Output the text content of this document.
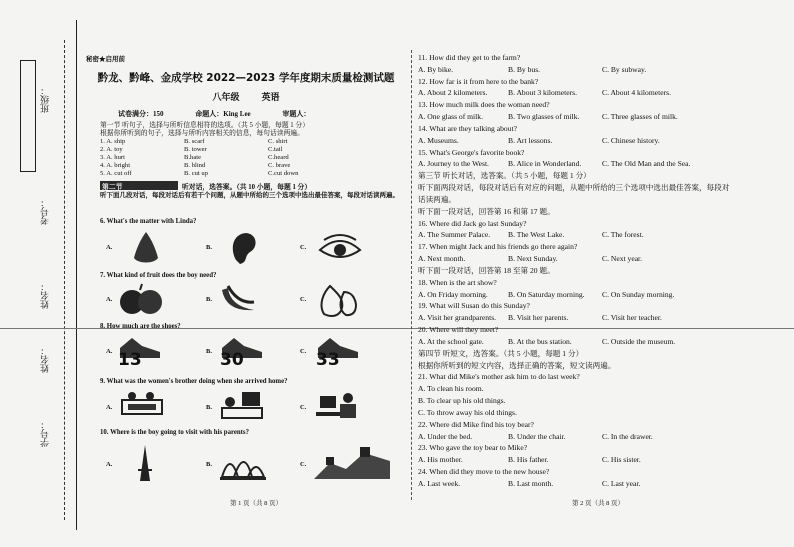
班级：
考号：
姓名：
姓名：
学号：
秘密★启用前
黔龙、黔峰、金成学校 2022—2023 学年度期末质量检测试题
八年级 英语
试卷满分：150	命题人：King Lee	审题人：
第一节 听句子，选择与所听信息相符的选项。（共 5 小题，每题 1 分）
根据你所听到的句子，选择与所听内容相关的信息，每句话读两遍。
1. A. ship	B. scarf	C. shirt
2. A. toy	B. tower	C.tail
3. A. hurt	B.hate	C.heard
4. A. bright	B. blind	C. brave
5. A. cut off	B. cut up	C.cut down
第二节	听对话，选答案。（共 10 小题，每题 1 分）
听下面几段对话，每段对话后有若干个问题，从题中所给的三个选项中选出最佳答案，每段对话读两遍。
6. What's the matter with Linda?
A.	B.	C.
7. What kind of fruit does the boy need?
A.	B.	C.
8. How much are the shoes?
A. 13	B. 30	C. 33
9. What was the women's brother doing when she arrived home?
A.	B.	C.
10. Where is the boy going to visit with his parents?
A.	B.	C.
第 1 页（共 8 页）	第 2 页（共 8 页）
11. How did they get to the farm?
A. By bike.	B. By bus.	C. By subway.
12. How far is it from here to the bank?
A. About 2 kilometers.	B. About 3 kilometers.	C. About 4 kilometers.
13. How much milk does the woman need?
A. One glass of milk.	B. Two glasses of milk.	C. Three glasses of milk.
14. What are they talking about?
A. Museums.	B. Art lessons.	C. Chinese history.
15. What's George's favorite book?
A. Journey to the West.	B. Alice in Wonderland.	C. The Old Man and the Sea.
第三节 听长对话，选答案。（共 5 小题，每题 1 分）
听下面两段对话，每段对话后有对应的问题，从题中所给的三个选项中选出最佳答案，每段对
话读两遍。
听下面一段对话，回答第 16 和第 17 题。
16. Where did Jack go last Sunday?
A. The Summer Palace. B. The West Lake.	C. The forest.
17. When might Jack and his friends go there again?
A. Next month.	B. Next Sunday.	C. Next year.
听下面一段对话，回答第 18 至第 20 题。
18. When is the art show?
A. On Friday morning.	B. On Saturday morning. C. On Sunday morning.
19. What will Susan do this Sunday?
A. Visit her grandparents. B. Visit her parents.	C. Visit her teacher.
20. Where will they meet?
A. At the school gate.	B. At the bus station.	C. Outside the museum.
第四节 听短文，选答案。（共 5 小题，每题 1 分）
根据你所听到的短文内容，选择正确的答案，短文读两遍。
21. What did Mike's mother ask him to do last week?
A. To clean his room.
B. To clear up his old things.
C. To throw away his old things.
22. Where did Mike find his toy bear?
A. Under the bed.	B. Under the chair.	C. In the drawer.
23. Who gave the toy bear to Mike?
A. His mother.	B. His father.	C. His sister.
24. When did they move to the new house?
A. Last week.	B. Last month.	C. Last year.
